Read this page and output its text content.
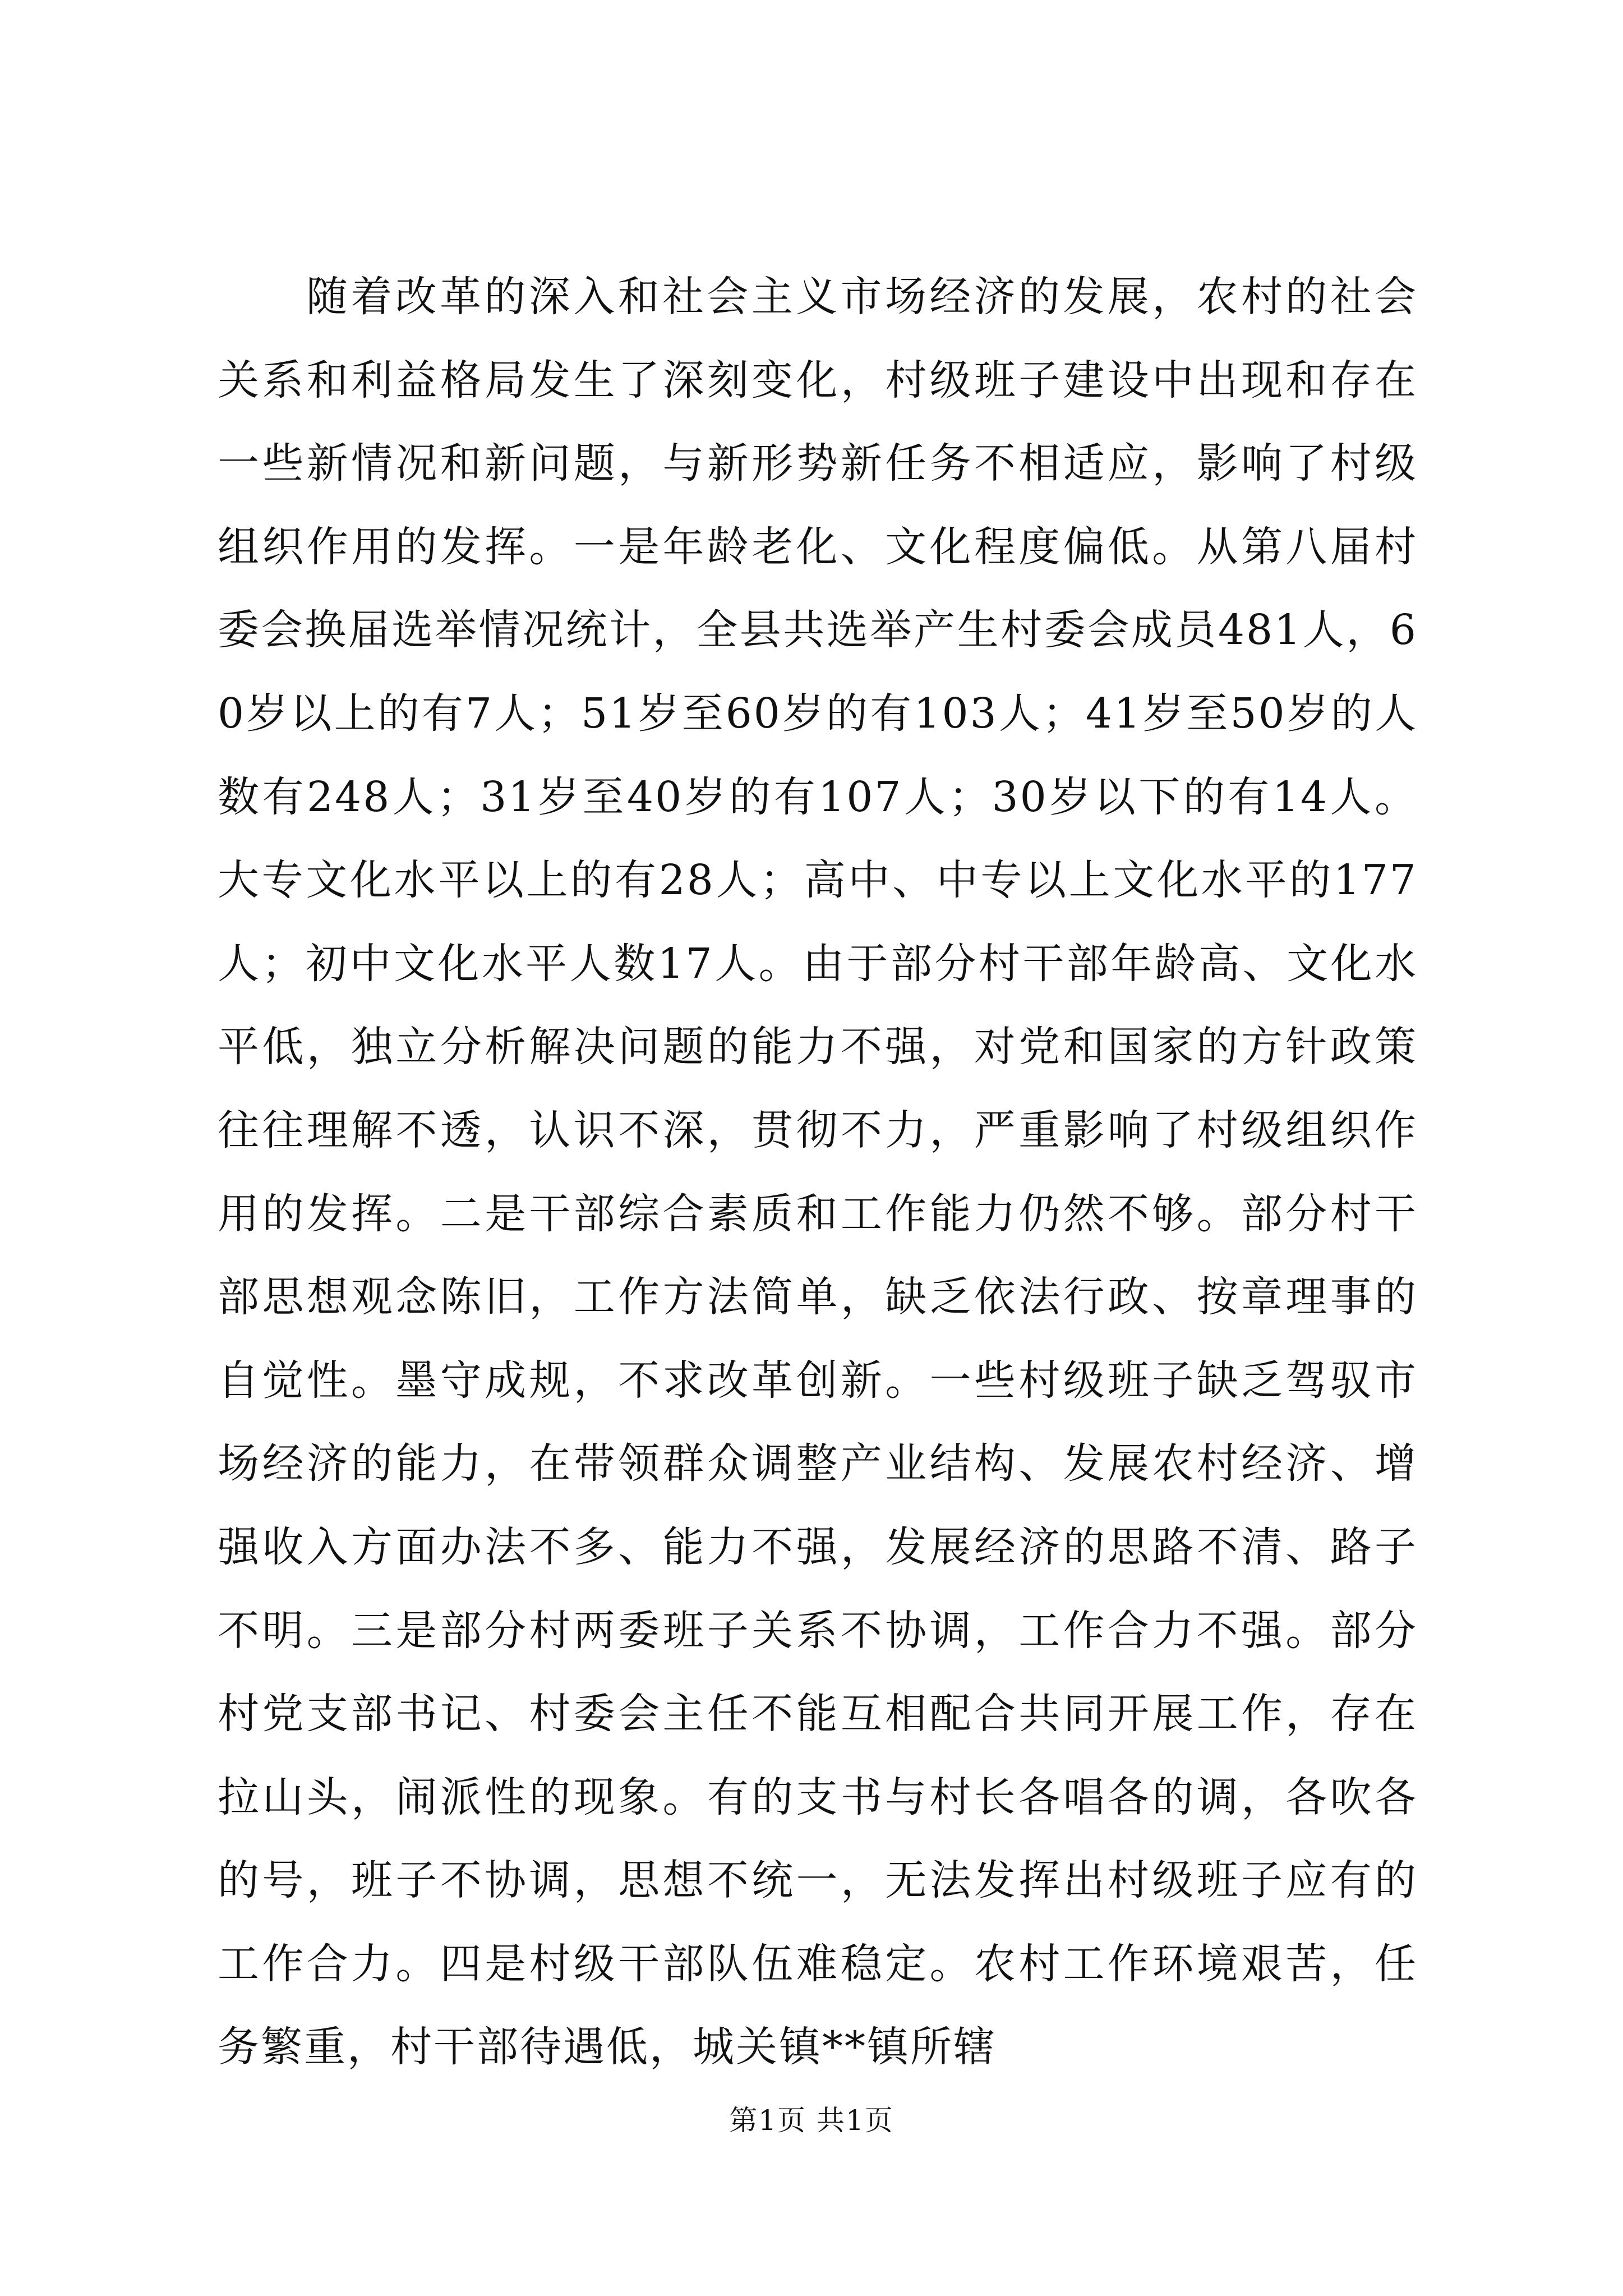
随着改革的深入和社会主义市场经济的发展，农村的社会关系和利益格局发生了深刻变化，村级班子建设中出现和存在一些新情况和新问题，与新形势新任务不相适应，影响了村级组织作用的发挥。一是年龄老化、文化程度偏低。从第八届村委会换届选举情况统计，全县共选举产生村委会成员481人，60岁以上的有7人；51岁至60岁的有103人；41岁至50岁的人数有248人；31岁至40岁的有107人；30岁以下的有14人。大专文化水平以上的有28人；高中、中专以上文化水平的177人；初中文化水平人数17人。由于部分村干部年龄高、文化水平低，独立分析解决问题的能力不强，对党和国家的方针政策往往理解不透，认识不深，贯彻不力，严重影响了村级组织作用的发挥。二是干部综合素质和工作能力仍然不够。部分村干部思想观念陈旧，工作方法简单，缺乏依法行政、按章理事的自觉性。墨守成规，不求改革创新。一些村级班子缺乏驾驭市场经济的能力，在带领群众调整产业结构、发展农村经济、增强收入方面办法不多、能力不强，发展经济的思路不清、路子不明。三是部分村两委班子关系不协调，工作合力不强。部分村党支部书记、村委会主任不能互相配合共同开展工作，存在拉山头，闹派性的现象。有的支书与村长各唱各的调，各吹各的号，班子不协调，思想不统一，无法发挥出村级班子应有的工作合力。四是村级干部队伍难稳定。农村工作环境艰苦，任务繁重，村干部待遇低，城关镇**镇所辖

第1页 共1页
